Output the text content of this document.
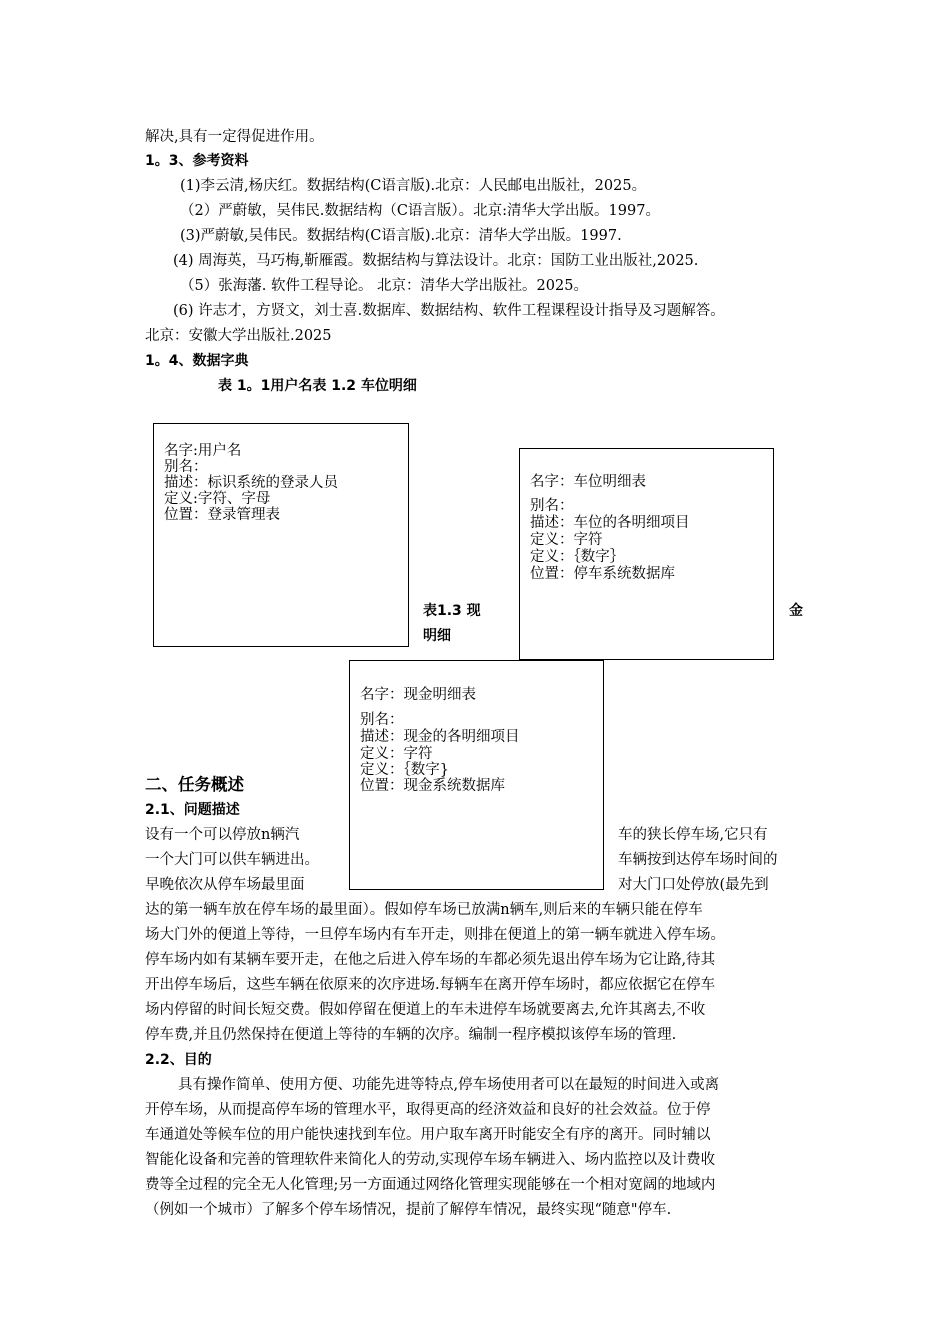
解决,具有一定得促进作用。
1。3、参考资料
(1)李云清,杨庆红。数据结构(C语言版).北京：人民邮电出版社，2025。
（2）严蔚敏，吴伟民.数据结构（C语言版）。北京:清华大学出版。1997。
(3)严蔚敏,吴伟民。数据结构(C语言版).北京：清华大学出版。1997.
(4) 周海英，马巧梅,靳雁霞。数据结构与算法设计。北京：国防工业出版社,2025.
（5）张海藩. 软件工程导论。 北京：清华大学出版社。2025。
(6) 许志才，方贤文，刘士喜.数据库、数据结构、软件工程课程设计指导及习题解答。
北京：安徽大学出版社.2025
1。4、数据字典
表 1。1用户名表 1.2 车位明细
名字:用户名
别名：
描述：标识系统的登录人员
定义:字符、字母
位置：登录管理表
名字：车位明细表
别名：
描述：车位的各明细项目
定义：字符
定义：｛数字｝
位置：停车系统数据库
表1.3 现
明细
金
名字：现金明细表
别名：
描述：现金的各明细项目
定义：字符
定义：｛数字}
位置：现金系统数据库
二、任务概述
2.1、问题描述
设有一个可以停放n辆汽
一个大门可以供车辆进出。
早晚依次从停车场最里面
车的狭长停车场,它只有
车辆按到达停车场时间的
对大门口处停放(最先到
达的第一辆车放在停车场的最里面）。假如停车场已放满n辆车,则后来的车辆只能在停车
场大门外的便道上等待，一旦停车场内有车开走，则排在便道上的第一辆车就进入停车场。
停车场内如有某辆车要开走，在他之后进入停车场的车都必须先退出停车场为它让路,待其
开出停车场后，这些车辆在依原来的次序进场.每辆车在离开停车场时，都应依据它在停车
场内停留的时间长短交费。假如停留在便道上的车未进停车场就要离去,允许其离去,不收
停车费,并且仍然保持在便道上等待的车辆的次序。编制一程序模拟该停车场的管理.
2.2、目的
具有操作简单、使用方便、功能先进等特点,停车场使用者可以在最短的时间进入或离
开停车场，从而提高停车场的管理水平，取得更高的经济效益和良好的社会效益。位于停
车通道处等候车位的用户能快速找到车位。用户取车离开时能安全有序的离开。同时辅以
智能化设备和完善的管理软件来简化人的劳动,实现停车场车辆进入、场内监控以及计费收
费等全过程的完全无人化管理;另一方面通过网络化管理实现能够在一个相对宽阔的地域内
（例如一个城市）了解多个停车场情况，提前了解停车情况，最终实现“随意"停车.
